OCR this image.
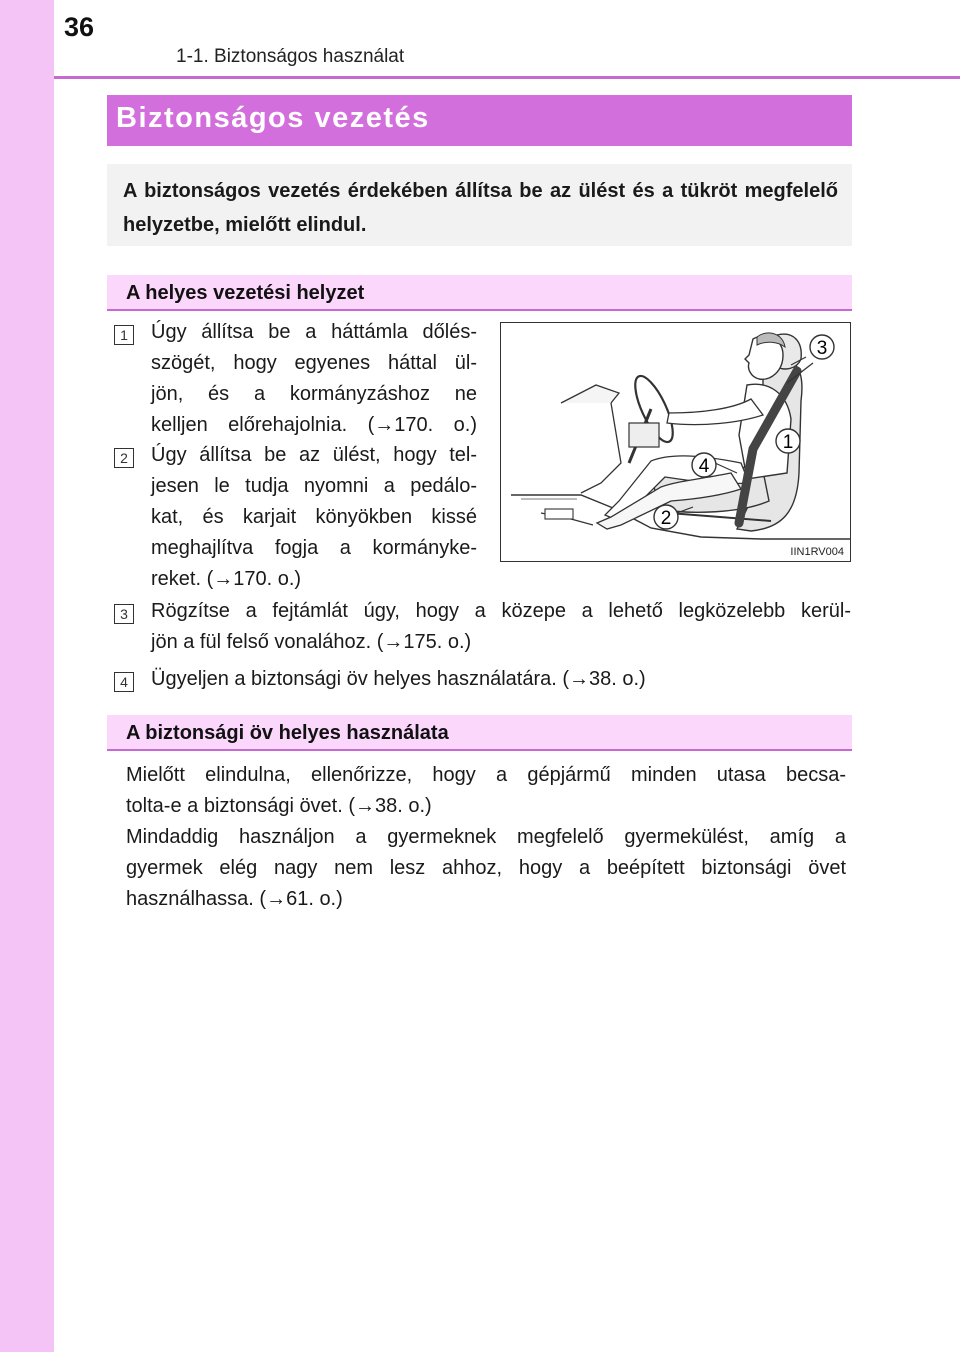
36
1-1. Biztonságos használat
Biztonságos vezetés
A biztonságos vezetés érdekében állítsa be az ülést és a tükröt megfelelő helyzetbe, mielőtt elindul.
A helyes vezetési helyzet
1	Úgy állítsa be a háttámla dőlés-
szögét, hogy egyenes háttal ül-
jön, és a kormányzáshoz ne
kelljen előrehajolnia. (→170. o.)
2	Úgy állítsa be az ülést, hogy tel-
jesen le tudja nyomni a pedálo-
kat, és karjait könyökben kissé
meghajlítva fogja a kormányke-
reket. (→170. o.)
3
1
4
2
IIN1RV004
3	Rögzítse a fejtámlát úgy, hogy a közepe a lehető legközelebb kerül-
jön a fül felső vonalához. (→175. o.)
4	Ügyeljen a biztonsági öv helyes használatára. (→38. o.)
A biztonsági öv helyes használata
Mielőtt elindulna, ellenőrizze, hogy a gépjármű minden utasa becsa-
tolta-e a biztonsági övet. (→38. o.)
Mindaddig használjon a gyermeknek megfelelő gyermekülést, amíg a
gyermek elég nagy nem lesz ahhoz, hogy a beépített biztonsági övet
használhassa. (→61. o.)
